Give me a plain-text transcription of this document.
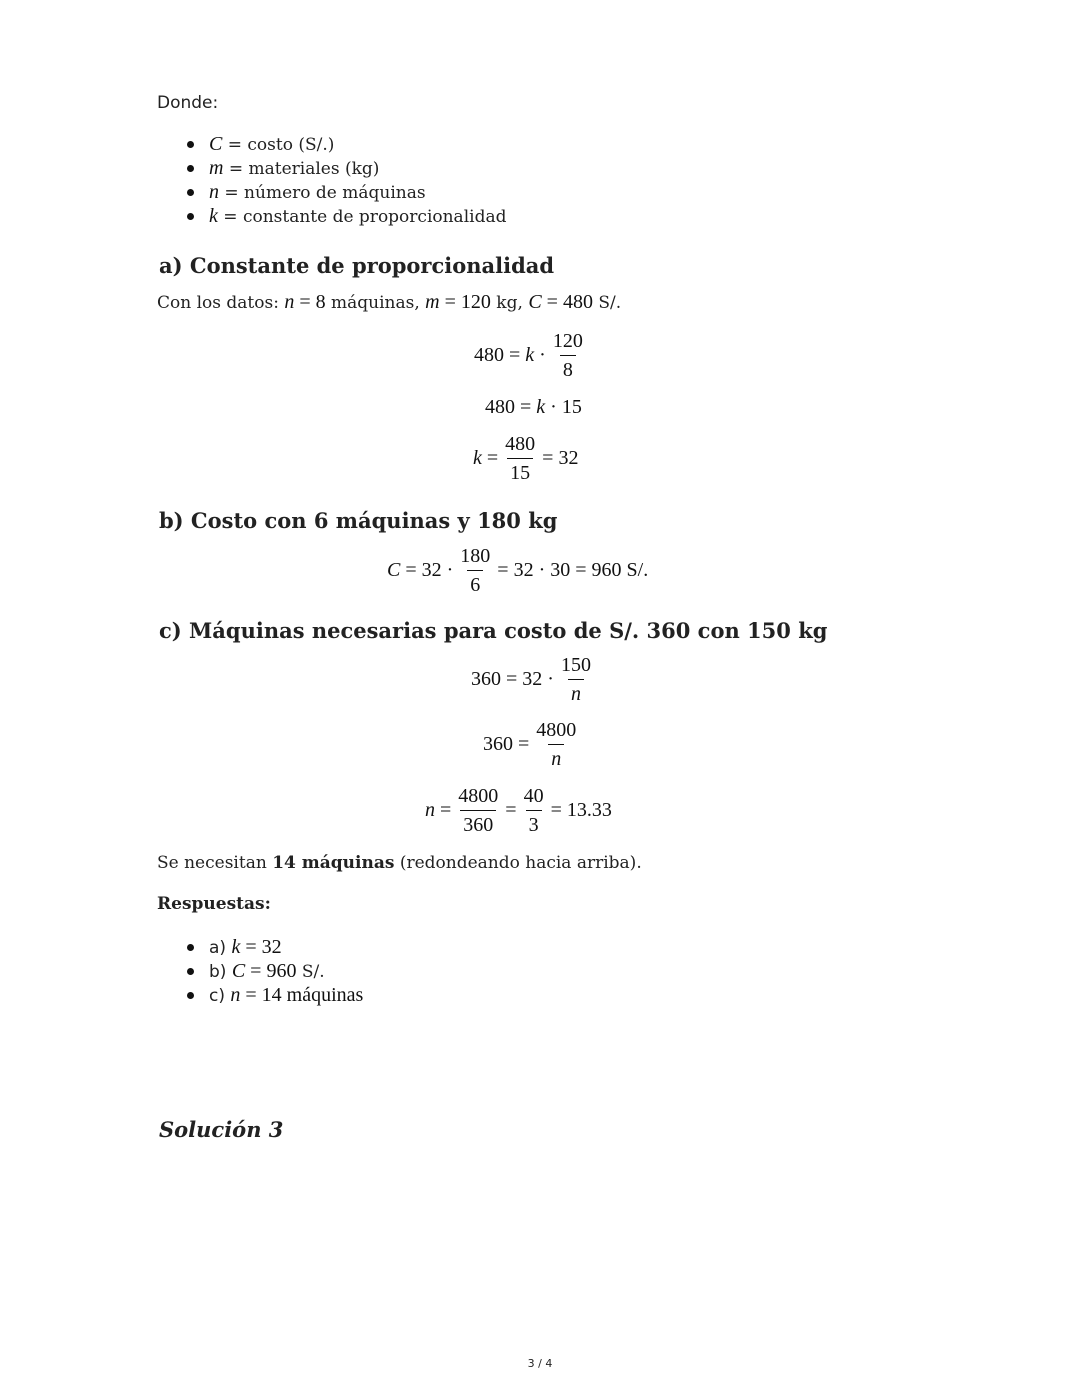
Donde:
C = costo (S/.)
m = materiales (kg)
n = número de máquinas
k = constante de proporcionalidad
a) Constante de proporcionalidad
Con los datos: n = 8 máquinas, m = 120 kg, C = 480 S/.
$480 = k \cdot \frac{120}{8}$
480 = k · 15
$k = \frac{480}{15} = 32$
b) Costo con 6 máquinas y 180 kg
$C = 32 \cdot \frac{180}{6} = 32 \cdot 30 = 960$ S/.
c) Máquinas necesarias para costo de S/. 360 con 150 kg
$360 = 32 \cdot \frac{150}{n}$
$360 = \frac{4800}{n}$
$n = \frac{4800}{360} = \frac{40}{3} = 13.33$
Se necesitan 14 máquinas (redondeando hacia arriba).
Respuestas:
a) k = 32
b) C = 960 S/.
c) n = 14 máquinas
Solución 3
3 / 4
